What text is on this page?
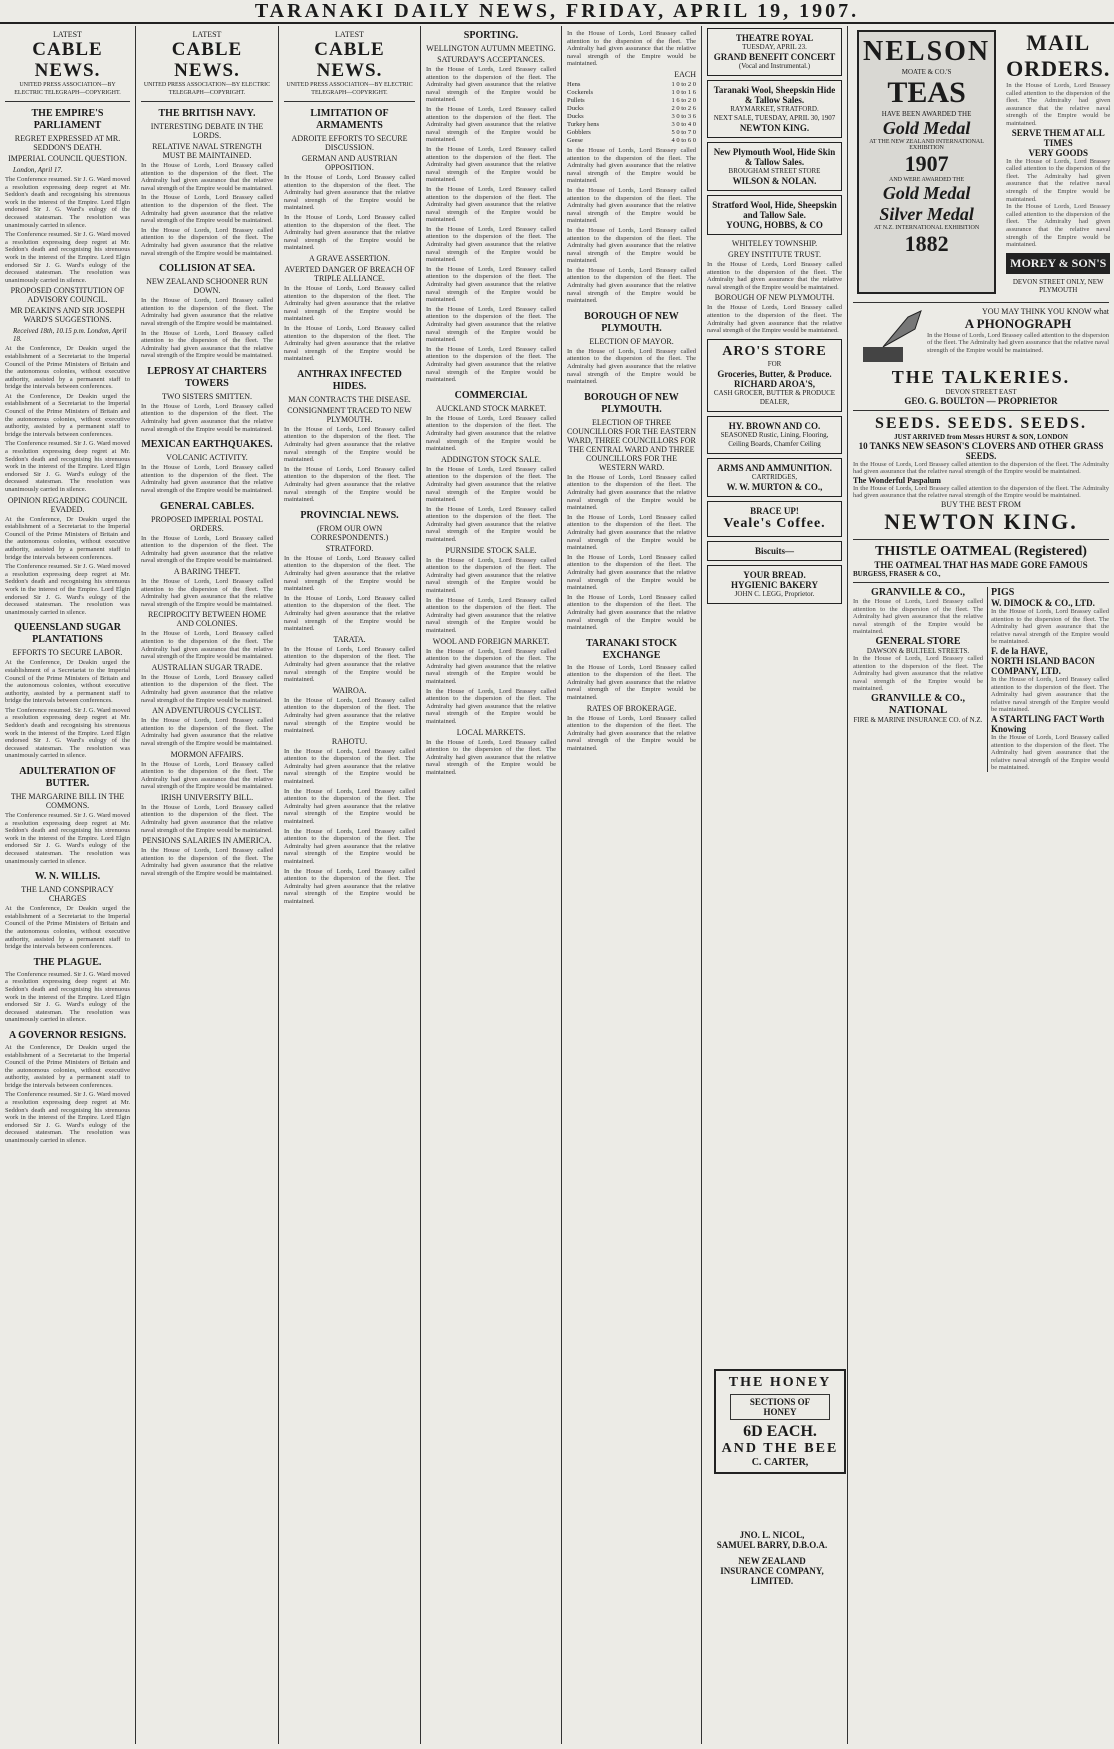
TARANAKI DAILY NEWS, FRIDAY, APRIL 19, 1907.
LATEST
CABLE NEWS.
UNITED PRESS ASSOCIATION—BY ELECTRIC TELEGRAPH—COPYRIGHT.
THE EMPIRE'S PARLIAMENT
REGRET EXPRESSED AT MR. SEDDON'S DEATH.
IMPERIAL COUNCIL QUESTION.
London, April 17.
The Conference resumed. Sir J. G. Ward moved a resolution expressing deep regret at Mr. Seddon's death and recognising his strenuous work in the interest of the Empire. Lord Elgin endorsed Sir J. G. Ward's eulogy of the deceased statesman. The resolution was unanimously carried in silence.
The Conference resumed. Sir J. G. Ward moved a resolution expressing deep regret at Mr. Seddon's death and recognising his strenuous work in the interest of the Empire. Lord Elgin endorsed Sir J. G. Ward's eulogy of the deceased statesman. The resolution was unanimously carried in silence.
PROPOSED CONSTITUTION OF ADVISORY COUNCIL.
MR DEAKIN'S AND SIR JOSEPH WARD'S SUGGESTIONS.
Received 18th, 10.15 p.m. London, April 18.
At the Conference, Dr Deakin urged the establishment of a Secretariat to the Imperial Council of the Prime Ministers of Britain and the autonomous colonies, without executive authority, assisted by a permanent staff to bridge the intervals between conferences.
At the Conference, Dr Deakin urged the establishment of a Secretariat to the Imperial Council of the Prime Ministers of Britain and the autonomous colonies, without executive authority, assisted by a permanent staff to bridge the intervals between conferences.
The Conference resumed. Sir J. G. Ward moved a resolution expressing deep regret at Mr. Seddon's death and recognising his strenuous work in the interest of the Empire. Lord Elgin endorsed Sir J. G. Ward's eulogy of the deceased statesman. The resolution was unanimously carried in silence.
OPINION REGARDING COUNCIL EVADED.
At the Conference, Dr Deakin urged the establishment of a Secretariat to the Imperial Council of the Prime Ministers of Britain and the autonomous colonies, without executive authority, assisted by a permanent staff to bridge the intervals between conferences.
The Conference resumed. Sir J. G. Ward moved a resolution expressing deep regret at Mr. Seddon's death and recognising his strenuous work in the interest of the Empire. Lord Elgin endorsed Sir J. G. Ward's eulogy of the deceased statesman. The resolution was unanimously carried in silence.
QUEENSLAND SUGAR PLANTATIONS
EFFORTS TO SECURE LABOR.
At the Conference, Dr Deakin urged the establishment of a Secretariat to the Imperial Council of the Prime Ministers of Britain and the autonomous colonies, without executive authority, assisted by a permanent staff to bridge the intervals between conferences.
The Conference resumed. Sir J. G. Ward moved a resolution expressing deep regret at Mr. Seddon's death and recognising his strenuous work in the interest of the Empire. Lord Elgin endorsed Sir J. G. Ward's eulogy of the deceased statesman. The resolution was unanimously carried in silence.
ADULTERATION OF BUTTER.
THE MARGARINE BILL IN THE COMMONS.
The Conference resumed. Sir J. G. Ward moved a resolution expressing deep regret at Mr. Seddon's death and recognising his strenuous work in the interest of the Empire. Lord Elgin endorsed Sir J. G. Ward's eulogy of the deceased statesman. The resolution was unanimously carried in silence.
W. N. WILLIS.
THE LAND CONSPIRACY CHARGES
At the Conference, Dr Deakin urged the establishment of a Secretariat to the Imperial Council of the Prime Ministers of Britain and the autonomous colonies, without executive authority, assisted by a permanent staff to bridge the intervals between conferences.
THE PLAGUE.
The Conference resumed. Sir J. G. Ward moved a resolution expressing deep regret at Mr. Seddon's death and recognising his strenuous work in the interest of the Empire. Lord Elgin endorsed Sir J. G. Ward's eulogy of the deceased statesman. The resolution was unanimously carried in silence.
A GOVERNOR RESIGNS.
At the Conference, Dr Deakin urged the establishment of a Secretariat to the Imperial Council of the Prime Ministers of Britain and the autonomous colonies, without executive authority, assisted by a permanent staff to bridge the intervals between conferences.
The Conference resumed. Sir J. G. Ward moved a resolution expressing deep regret at Mr. Seddon's death and recognising his strenuous work in the interest of the Empire. Lord Elgin endorsed Sir J. G. Ward's eulogy of the deceased statesman. The resolution was unanimously carried in silence.
LATEST
CABLE NEWS.
UNITED PRESS ASSOCIATION—BY ELECTRIC TELEGRAPH—COPYRIGHT.
THE BRITISH NAVY.
INTERESTING DEBATE IN THE LORDS.
RELATIVE NAVAL STRENGTH MUST BE MAINTAINED.
In the House of Lords, Lord Brassey called attention to the dispersion of the fleet. The Admiralty had given assurance that the relative naval strength of the Empire would be maintained.
In the House of Lords, Lord Brassey called attention to the dispersion of the fleet. The Admiralty had given assurance that the relative naval strength of the Empire would be maintained.
In the House of Lords, Lord Brassey called attention to the dispersion of the fleet. The Admiralty had given assurance that the relative naval strength of the Empire would be maintained.
COLLISION AT SEA.
NEW ZEALAND SCHOONER RUN DOWN.
In the House of Lords, Lord Brassey called attention to the dispersion of the fleet. The Admiralty had given assurance that the relative naval strength of the Empire would be maintained.
In the House of Lords, Lord Brassey called attention to the dispersion of the fleet. The Admiralty had given assurance that the relative naval strength of the Empire would be maintained.
LEPROSY AT CHARTERS TOWERS
TWO SISTERS SMITTEN.
In the House of Lords, Lord Brassey called attention to the dispersion of the fleet. The Admiralty had given assurance that the relative naval strength of the Empire would be maintained.
MEXICAN EARTHQUAKES.
VOLCANIC ACTIVITY.
In the House of Lords, Lord Brassey called attention to the dispersion of the fleet. The Admiralty had given assurance that the relative naval strength of the Empire would be maintained.
GENERAL CABLES.
PROPOSED IMPERIAL POSTAL ORDERS.
In the House of Lords, Lord Brassey called attention to the dispersion of the fleet. The Admiralty had given assurance that the relative naval strength of the Empire would be maintained.
A BARING THEFT.
In the House of Lords, Lord Brassey called attention to the dispersion of the fleet. The Admiralty had given assurance that the relative naval strength of the Empire would be maintained.
RECIPROCITY BETWEEN HOME AND COLONIES.
In the House of Lords, Lord Brassey called attention to the dispersion of the fleet. The Admiralty had given assurance that the relative naval strength of the Empire would be maintained.
AUSTRALIAN SUGAR TRADE.
In the House of Lords, Lord Brassey called attention to the dispersion of the fleet. The Admiralty had given assurance that the relative naval strength of the Empire would be maintained.
AN ADVENTUROUS CYCLIST.
In the House of Lords, Lord Brassey called attention to the dispersion of the fleet. The Admiralty had given assurance that the relative naval strength of the Empire would be maintained.
MORMON AFFAIRS.
In the House of Lords, Lord Brassey called attention to the dispersion of the fleet. The Admiralty had given assurance that the relative naval strength of the Empire would be maintained.
IRISH UNIVERSITY BILL.
In the House of Lords, Lord Brassey called attention to the dispersion of the fleet. The Admiralty had given assurance that the relative naval strength of the Empire would be maintained.
PENSIONS SALARIES IN AMERICA.
In the House of Lords, Lord Brassey called attention to the dispersion of the fleet. The Admiralty had given assurance that the relative naval strength of the Empire would be maintained.
LATEST
CABLE NEWS.
UNITED PRESS ASSOCIATION—BY ELECTRIC TELEGRAPH—COPYRIGHT.
LIMITATION OF ARMAMENTS
ADROITE EFFORTS TO SECURE DISCUSSION.
GERMAN AND AUSTRIAN OPPOSITION.
In the House of Lords, Lord Brassey called attention to the dispersion of the fleet. The Admiralty had given assurance that the relative naval strength of the Empire would be maintained.
In the House of Lords, Lord Brassey called attention to the dispersion of the fleet. The Admiralty had given assurance that the relative naval strength of the Empire would be maintained.
A GRAVE ASSERTION.
AVERTED DANGER OF BREACH OF TRIPLE ALLIANCE.
In the House of Lords, Lord Brassey called attention to the dispersion of the fleet. The Admiralty had given assurance that the relative naval strength of the Empire would be maintained.
In the House of Lords, Lord Brassey called attention to the dispersion of the fleet. The Admiralty had given assurance that the relative naval strength of the Empire would be maintained.
ANTHRAX INFECTED HIDES.
MAN CONTRACTS THE DISEASE.
CONSIGNMENT TRACED TO NEW PLYMOUTH.
In the House of Lords, Lord Brassey called attention to the dispersion of the fleet. The Admiralty had given assurance that the relative naval strength of the Empire would be maintained.
In the House of Lords, Lord Brassey called attention to the dispersion of the fleet. The Admiralty had given assurance that the relative naval strength of the Empire would be maintained.
PROVINCIAL NEWS.
(FROM OUR OWN CORRESPONDENTS.)
STRATFORD.
In the House of Lords, Lord Brassey called attention to the dispersion of the fleet. The Admiralty had given assurance that the relative naval strength of the Empire would be maintained.
In the House of Lords, Lord Brassey called attention to the dispersion of the fleet. The Admiralty had given assurance that the relative naval strength of the Empire would be maintained.
TARATA.
In the House of Lords, Lord Brassey called attention to the dispersion of the fleet. The Admiralty had given assurance that the relative naval strength of the Empire would be maintained.
WAIROA.
In the House of Lords, Lord Brassey called attention to the dispersion of the fleet. The Admiralty had given assurance that the relative naval strength of the Empire would be maintained.
RAHOTU.
In the House of Lords, Lord Brassey called attention to the dispersion of the fleet. The Admiralty had given assurance that the relative naval strength of the Empire would be maintained.
In the House of Lords, Lord Brassey called attention to the dispersion of the fleet. The Admiralty had given assurance that the relative naval strength of the Empire would be maintained.
In the House of Lords, Lord Brassey called attention to the dispersion of the fleet. The Admiralty had given assurance that the relative naval strength of the Empire would be maintained.
In the House of Lords, Lord Brassey called attention to the dispersion of the fleet. The Admiralty had given assurance that the relative naval strength of the Empire would be maintained.
SPORTING.
WELLINGTON AUTUMN MEETING.
SATURDAY'S ACCEPTANCES.
In the House of Lords, Lord Brassey called attention to the dispersion of the fleet. The Admiralty had given assurance that the relative naval strength of the Empire would be maintained.
In the House of Lords, Lord Brassey called attention to the dispersion of the fleet. The Admiralty had given assurance that the relative naval strength of the Empire would be maintained.
In the House of Lords, Lord Brassey called attention to the dispersion of the fleet. The Admiralty had given assurance that the relative naval strength of the Empire would be maintained.
In the House of Lords, Lord Brassey called attention to the dispersion of the fleet. The Admiralty had given assurance that the relative naval strength of the Empire would be maintained.
In the House of Lords, Lord Brassey called attention to the dispersion of the fleet. The Admiralty had given assurance that the relative naval strength of the Empire would be maintained.
In the House of Lords, Lord Brassey called attention to the dispersion of the fleet. The Admiralty had given assurance that the relative naval strength of the Empire would be maintained.
In the House of Lords, Lord Brassey called attention to the dispersion of the fleet. The Admiralty had given assurance that the relative naval strength of the Empire would be maintained.
In the House of Lords, Lord Brassey called attention to the dispersion of the fleet. The Admiralty had given assurance that the relative naval strength of the Empire would be maintained.
COMMERCIAL
AUCKLAND STOCK MARKET.
In the House of Lords, Lord Brassey called attention to the dispersion of the fleet. The Admiralty had given assurance that the relative naval strength of the Empire would be maintained.
ADDINGTON STOCK SALE.
In the House of Lords, Lord Brassey called attention to the dispersion of the fleet. The Admiralty had given assurance that the relative naval strength of the Empire would be maintained.
In the House of Lords, Lord Brassey called attention to the dispersion of the fleet. The Admiralty had given assurance that the relative naval strength of the Empire would be maintained.
PURNSIDE STOCK SALE.
In the House of Lords, Lord Brassey called attention to the dispersion of the fleet. The Admiralty had given assurance that the relative naval strength of the Empire would be maintained.
In the House of Lords, Lord Brassey called attention to the dispersion of the fleet. The Admiralty had given assurance that the relative naval strength of the Empire would be maintained.
WOOL AND FOREIGN MARKET.
In the House of Lords, Lord Brassey called attention to the dispersion of the fleet. The Admiralty had given assurance that the relative naval strength of the Empire would be maintained.
In the House of Lords, Lord Brassey called attention to the dispersion of the fleet. The Admiralty had given assurance that the relative naval strength of the Empire would be maintained.
LOCAL MARKETS.
In the House of Lords, Lord Brassey called attention to the dispersion of the fleet. The Admiralty had given assurance that the relative naval strength of the Empire would be maintained.
In the House of Lords, Lord Brassey called attention to the dispersion of the fleet. The Admiralty had given assurance that the relative naval strength of the Empire would be maintained.
EACH
Hens	1 0 to 2 0
Cockerels	1 0 to 1 6
Pullets	1 6 to 2 0
Ducks	2 0 to 2 6
Ducks	3 0 to 3 6
Turkey hens	3 0 to 4 0
Gobblers	5 0 to 7 0
Geese	4 0 to 6 0
In the House of Lords, Lord Brassey called attention to the dispersion of the fleet. The Admiralty had given assurance that the relative naval strength of the Empire would be maintained.
In the House of Lords, Lord Brassey called attention to the dispersion of the fleet. The Admiralty had given assurance that the relative naval strength of the Empire would be maintained.
In the House of Lords, Lord Brassey called attention to the dispersion of the fleet. The Admiralty had given assurance that the relative naval strength of the Empire would be maintained.
In the House of Lords, Lord Brassey called attention to the dispersion of the fleet. The Admiralty had given assurance that the relative naval strength of the Empire would be maintained.
BOROUGH OF NEW PLYMOUTH.
ELECTION OF MAYOR.
In the House of Lords, Lord Brassey called attention to the dispersion of the fleet. The Admiralty had given assurance that the relative naval strength of the Empire would be maintained.
BOROUGH OF NEW PLYMOUTH.
ELECTION OF THREE COUNCILLORS FOR THE EASTERN WARD, THREE COUNCILLORS FOR THE CENTRAL WARD AND THREE COUNCILLORS FOR THE WESTERN WARD.
In the House of Lords, Lord Brassey called attention to the dispersion of the fleet. The Admiralty had given assurance that the relative naval strength of the Empire would be maintained.
In the House of Lords, Lord Brassey called attention to the dispersion of the fleet. The Admiralty had given assurance that the relative naval strength of the Empire would be maintained.
In the House of Lords, Lord Brassey called attention to the dispersion of the fleet. The Admiralty had given assurance that the relative naval strength of the Empire would be maintained.
In the House of Lords, Lord Brassey called attention to the dispersion of the fleet. The Admiralty had given assurance that the relative naval strength of the Empire would be maintained.
TARANAKI STOCK EXCHANGE
In the House of Lords, Lord Brassey called attention to the dispersion of the fleet. The Admiralty had given assurance that the relative naval strength of the Empire would be maintained.
RATES OF BROKERAGE.
In the House of Lords, Lord Brassey called attention to the dispersion of the fleet. The Admiralty had given assurance that the relative naval strength of the Empire would be maintained.
THEATRE ROYAL
TUESDAY, APRIL 23.
GRAND BENEFIT CONCERT
(Vocal and Instrumental.)
Taranaki Wool, Sheepskin Hide & Tallow Sales.
RAYMARKET, STRATFORD.
NEXT SALE, TUESDAY, APRIL 30, 1907
NEWTON KING.
New Plymouth Wool, Hide Skin & Tallow Sales.
BROUGHAM STREET STORE
WILSON & NOLAN.
Stratford Wool, Hide, Sheepskin and Tallow Sale.
YOUNG, HOBBS, & CO
WHITELEY TOWNSHIP.
GREY INSTITUTE TRUST.
In the House of Lords, Lord Brassey called attention to the dispersion of the fleet. The Admiralty had given assurance that the relative naval strength of the Empire would be maintained.
BOROUGH OF NEW PLYMOUTH.
In the House of Lords, Lord Brassey called attention to the dispersion of the fleet. The Admiralty had given assurance that the relative naval strength of the Empire would be maintained.
ARO'S STORE
FOR
Groceries, Butter, & Produce.
RICHARD AROA'S,
CASH GROCER, BUTTER & PRODUCE DEALER,
HY. BROWN AND CO.
SEASONED Rustic, Lining, Flooring, Ceiling Boards, Chamfer Ceiling
ARMS AND AMMUNITION.
CARTRIDGES,
W. W. MURTON & CO.,
BRACE UP!
Veale's Coffee.
Biscuits—
YOUR BREAD.
HYGIENIC BAKERY
JOHN C. LEGG, Proprietor.
NELSON
MOATE & CO.'S
TEAS
HAVE BEEN AWARDED THE
Gold Medal
AT THE NEW ZEALAND INTERNATIONAL EXHIBITION
1907
AND WERE AWARDED THE
Gold Medal
Silver Medal
AT N.Z. INTERNATIONAL EXHIBITION
1882
MAIL ORDERS.
In the House of Lords, Lord Brassey called attention to the dispersion of the fleet. The Admiralty had given assurance that the relative naval strength of the Empire would be maintained.
SERVE THEM AT ALL TIMES
VERY GOODS
In the House of Lords, Lord Brassey called attention to the dispersion of the fleet. The Admiralty had given assurance that the relative naval strength of the Empire would be maintained.
In the House of Lords, Lord Brassey called attention to the dispersion of the fleet. The Admiralty had given assurance that the relative naval strength of the Empire would be maintained.
MOREY & SON'S
DEVON STREET ONLY, NEW PLYMOUTH
YOU MAY THINK YOU KNOW what
A PHONOGRAPH
In the House of Lords, Lord Brassey called attention to the dispersion of the fleet. The Admiralty had given assurance that the relative naval strength of the Empire would be maintained.
THE TALKERIES.
DEVON STREET EAST
GEO. G. BOULTON — PROPRIETOR
SEEDS. SEEDS. SEEDS.
JUST ARRIVED from Messrs HURST & SON, LONDON
10 TANKS NEW SEASON'S CLOVERS AND OTHER GRASS SEEDS.
In the House of Lords, Lord Brassey called attention to the dispersion of the fleet. The Admiralty had given assurance that the relative naval strength of the Empire would be maintained.
The Wonderful Paspalum
In the House of Lords, Lord Brassey called attention to the dispersion of the fleet. The Admiralty had given assurance that the relative naval strength of the Empire would be maintained.
BUY THE BEST FROM
NEWTON KING.
THISTLE OATMEAL (Registered)
THE OATMEAL THAT HAS MADE GORE FAMOUS
BURGESS, FRASER & CO.,
GRANVILLE & CO.,
In the House of Lords, Lord Brassey called attention to the dispersion of the fleet. The Admiralty had given assurance that the relative naval strength of the Empire would be maintained.
GENERAL STORE
DAWSON & BULTEEL STREETS.
In the House of Lords, Lord Brassey called attention to the dispersion of the fleet. The Admiralty had given assurance that the relative naval strength of the Empire would be maintained.
GRANVILLE & CO.,
NATIONAL
FIRE & MARINE INSURANCE CO. of N.Z.
PIGS
W. DIMOCK & CO., LTD.
In the House of Lords, Lord Brassey called attention to the dispersion of the fleet. The Admiralty had given assurance that the relative naval strength of the Empire would be maintained.
F. de la HAVE,
NORTH ISLAND BACON COMPANY, LTD.
In the House of Lords, Lord Brassey called attention to the dispersion of the fleet. The Admiralty had given assurance that the relative naval strength of the Empire would be maintained.
A STARTLING FACT Worth Knowing
In the House of Lords, Lord Brassey called attention to the dispersion of the fleet. The Admiralty had given assurance that the relative naval strength of the Empire would be maintained.
THE HONEY
SECTIONS OF HONEY
6D EACH.
AND THE BEE
C. CARTER,
JNO. L. NICOL,
SAMUEL BARRY, D.B.O.A.
NEW ZEALAND INSURANCE COMPANY, LIMITED.
